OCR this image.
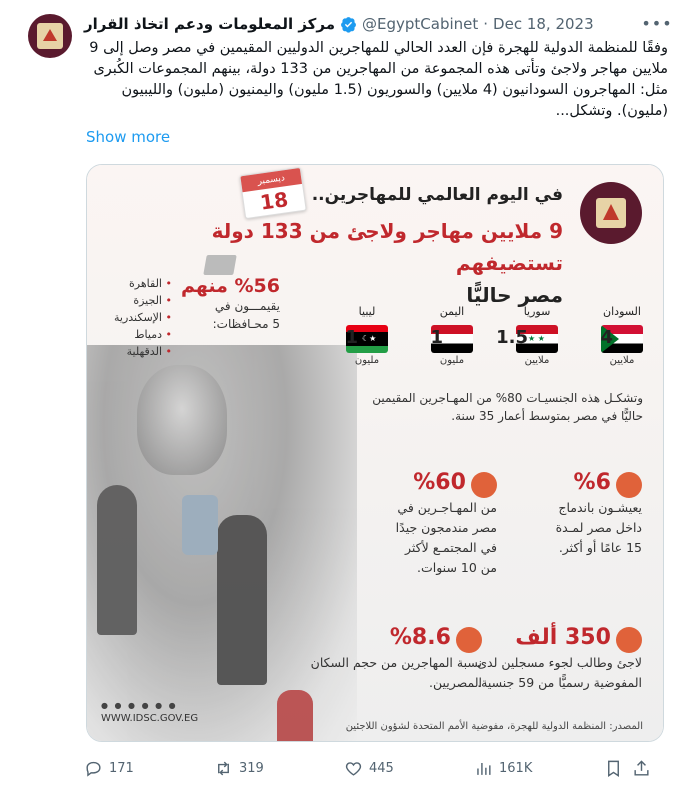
مركز المعلومات ودعم اتخاذ القرار @EgyptCabinet · Dec 18, 2023	•••
وفقًا للمنظمة الدولية للهجرة فإن العدد الحالي للمهاجرين الدوليين المقيمين في مصر وصل إلى 9 ملايين مهاجر ولاجئ وتأتى هذه المجموعة من المهاجرين من 133 دولة، بينهم المجموعات الكُبرى مثل: المهاجرون السودانيون (4 ملايين) والسوريون (1.5 مليون) واليمنيون (مليون) والليبيون (مليون). وتشكل...
Show more
ديسمبر
18	في اليوم العالمي للمهاجرين..
9 ملايين مهاجر ولاجئ من 133 دولة تستضيفهم
مصر حاليًّا
%56 منهم
يقيمـــون في
5 محـافظات:
• القاهرة
• الجيزة
• الإسكندرية
• دمياط
• الدقهلية
السودان
4
ملايين
سوريا
★ ★
1.5
ملايين
اليمن
1
مليون
ليبيا
☾★
1
مليون
وتشكـل هذه الجنسيـات 80% من المهـاجرين المقيمين
حاليًّا في مصر بمتوسط أعمار 35 سنة.
%60
من المهـاجـرين في
مصر مندمجون جيدًا
في المجتمـع لأكثر
من 10 سنوات.
%6
يعيشـون باندماج
داخل مصر لمـدة
15 عامًا أو أكثر.
%8.6
نسبة المهاجرين من حجم السكان
المصريين.
350 ألف
لاجئ وطالب لجوء مسجلين لدى
المفوضية رسميًّا من 59 جنسية.
● ● ● ● ● ●
WWW.IDSC.GOV.EG
المصدر: المنظمة الدولية للهجرة، مفوضية الأمم المتحدة لشؤون اللاجئين
171	319	445	161K
